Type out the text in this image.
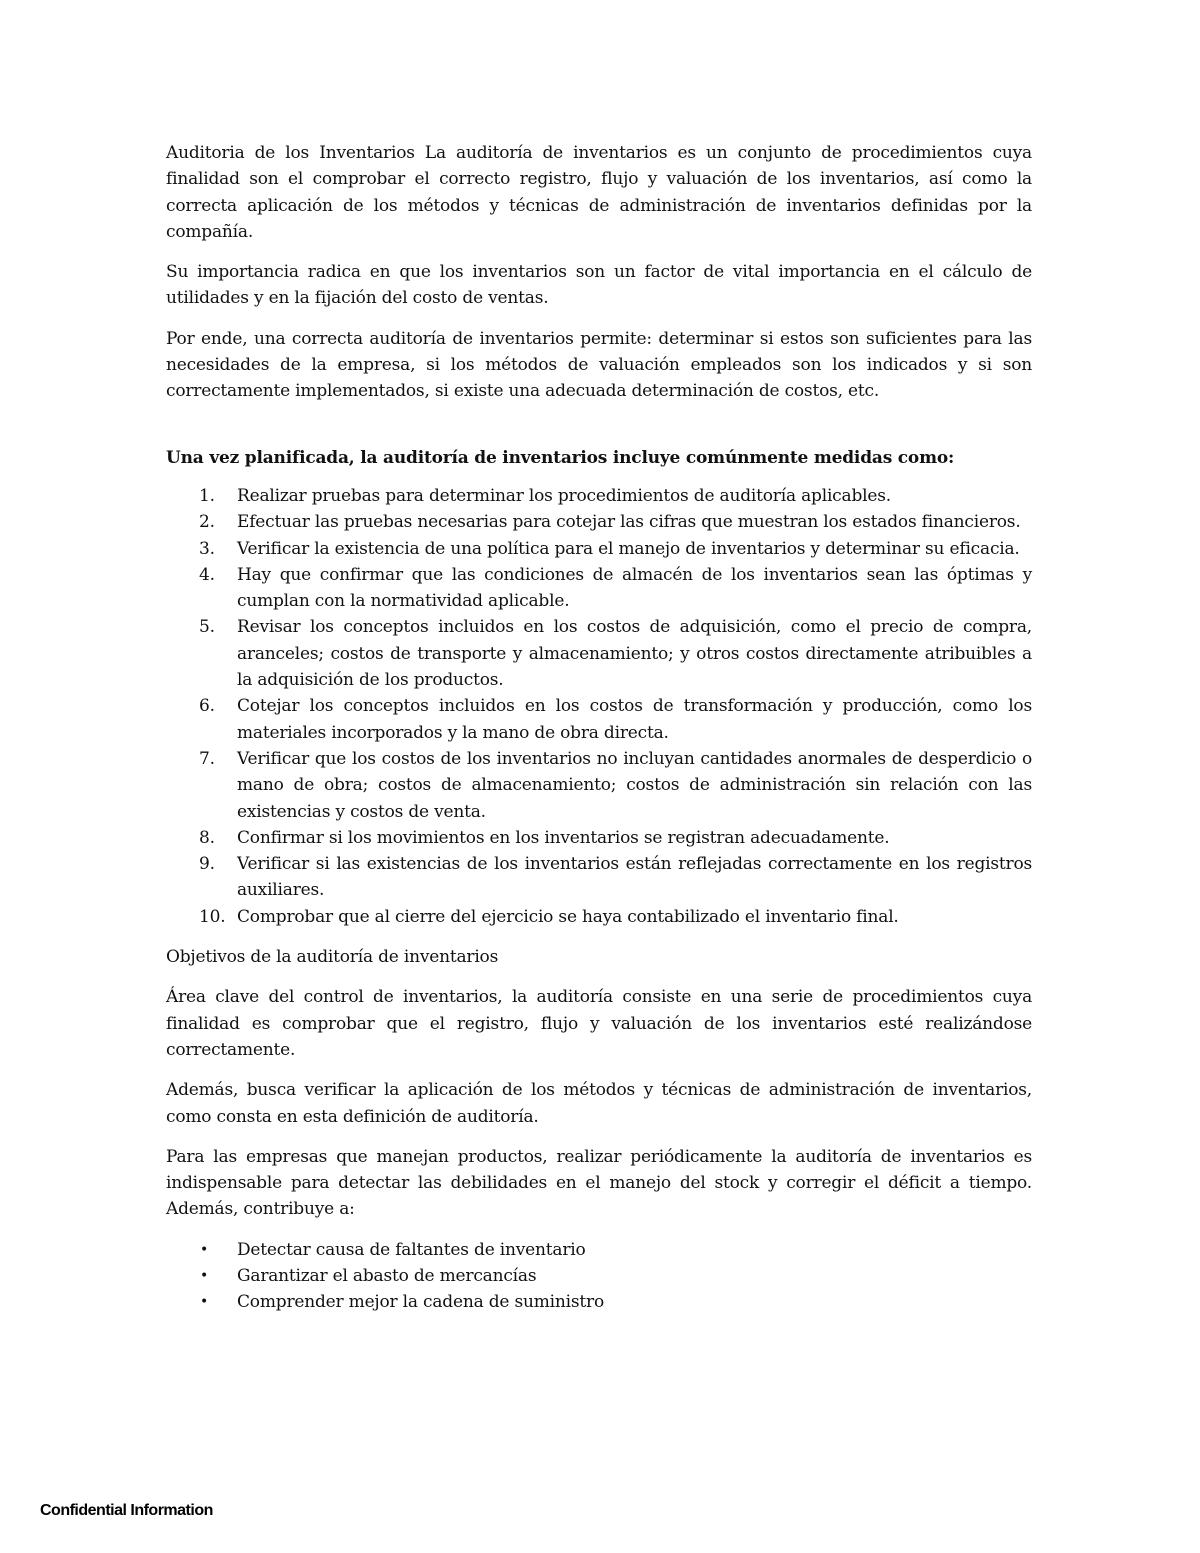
Auditoria de los Inventarios La auditoría de inventarios es un conjunto de procedimientos cuya finalidad son el comprobar el correcto registro, flujo y valuación de los inventarios, así como la correcta aplicación de los métodos y técnicas de administración de inventarios definidas por la compañía.

Su importancia radica en que los inventarios son un factor de vital importancia en el cálculo de utilidades y en la fijación del costo de ventas.

Por ende, una correcta auditoría de inventarios permite: determinar si estos son suficientes para las necesidades de la empresa, si los métodos de valuación empleados son los indicados y si son correctamente implementados, si existe una adecuada determinación de costos, etc.

Una vez planificada, la auditoría de inventarios incluye comúnmente medidas como:

1. Realizar pruebas para determinar los procedimientos de auditoría aplicables.
2. Efectuar las pruebas necesarias para cotejar las cifras que muestran los estados financieros.
3. Verificar la existencia de una política para el manejo de inventarios y determinar su eficacia.
4. Hay que confirmar que las condiciones de almacén de los inventarios sean las óptimas y cumplan con la normatividad aplicable.
5. Revisar los conceptos incluidos en los costos de adquisición, como el precio de compra, aranceles; costos de transporte y almacenamiento; y otros costos directamente atribuibles a la adquisición de los productos.
6. Cotejar los conceptos incluidos en los costos de transformación y producción, como los materiales incorporados y la mano de obra directa.
7. Verificar que los costos de los inventarios no incluyan cantidades anormales de desperdicio o mano de obra; costos de almacenamiento; costos de administración sin relación con las existencias y costos de venta.
8. Confirmar si los movimientos en los inventarios se registran adecuadamente.
9. Verificar si las existencias de los inventarios están reflejadas correctamente en los registros auxiliares.
10. Comprobar que al cierre del ejercicio se haya contabilizado el inventario final.

Objetivos de la auditoría de inventarios

Área clave del control de inventarios, la auditoría consiste en una serie de procedimientos cuya finalidad es comprobar que el registro, flujo y valuación de los inventarios esté realizándose correctamente.

Además, busca verificar la aplicación de los métodos y técnicas de administración de inventarios, como consta en esta definición de auditoría.

Para las empresas que manejan productos, realizar periódicamente la auditoría de inventarios es indispensable para detectar las debilidades en el manejo del stock y corregir el déficit a tiempo. Además, contribuye a:

• Detectar causa de faltantes de inventario
• Garantizar el abasto de mercancías
• Comprender mejor la cadena de suministro
Confidential Information
